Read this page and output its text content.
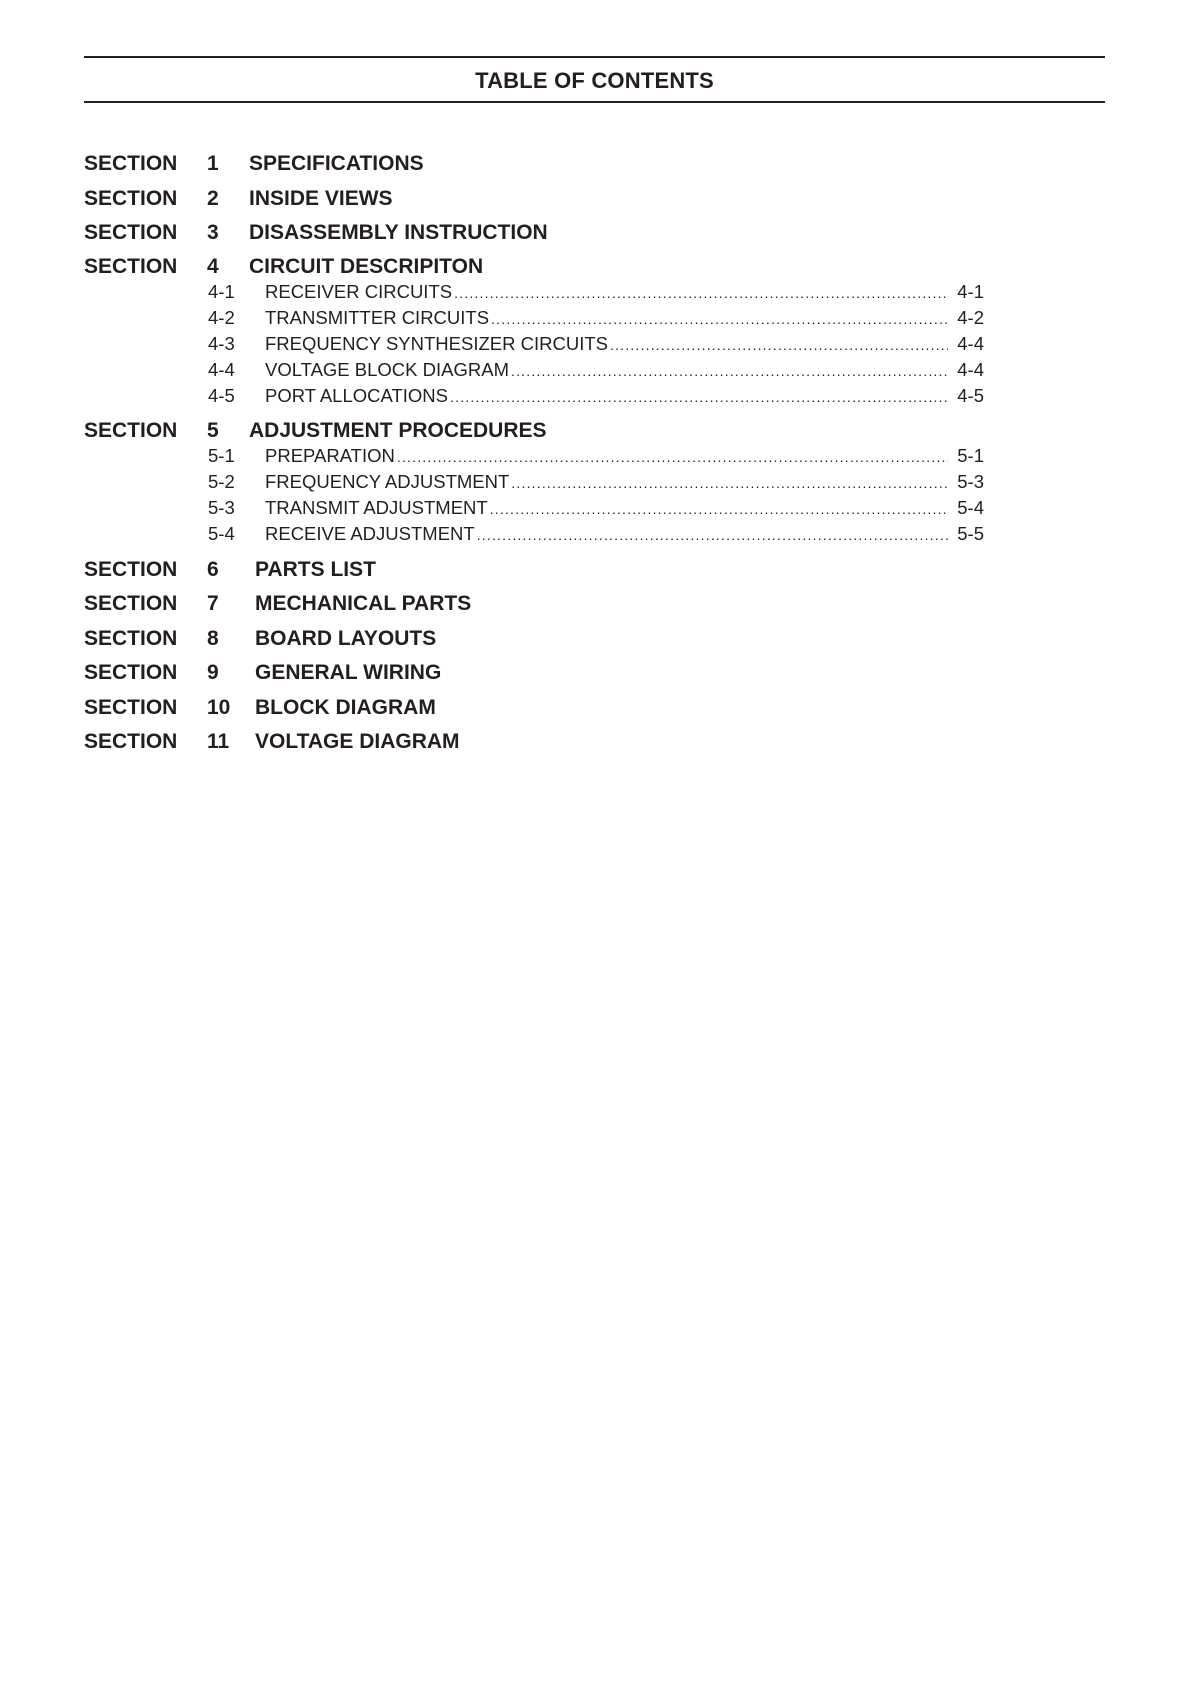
TABLE OF CONTENTS
SECTION 1 SPECIFICATIONS
SECTION 2 INSIDE VIEWS
SECTION 3 DISASSEMBLY INSTRUCTION
SECTION 4 CIRCUIT DESCRIPITON
4-1	RECEIVER CIRCUITS .....	4-1
4-2	TRANSMITTER CIRCUITS .....	4-2
4-3	FREQUENCY SYNTHESIZER CIRCUITS .....	4-4
4-4	VOLTAGE BLOCK DIAGRAM .....	4-4
4-5	PORT ALLOCATIONS .....	4-5
SECTION 5 ADJUSTMENT PROCEDURES
5-1	PREPARATION .....	5-1
5-2	FREQUENCY ADJUSTMENT .....	5-3
5-3	TRANSMIT ADJUSTMENT .....	5-4
5-4	RECEIVE ADJUSTMENT .....	5-5
SECTION 6 PARTS LIST
SECTION 7 MECHANICAL PARTS
SECTION 8 BOARD LAYOUTS
SECTION 9 GENERAL WIRING
SECTION 10 BLOCK DIAGRAM
SECTION 11 VOLTAGE DIAGRAM
